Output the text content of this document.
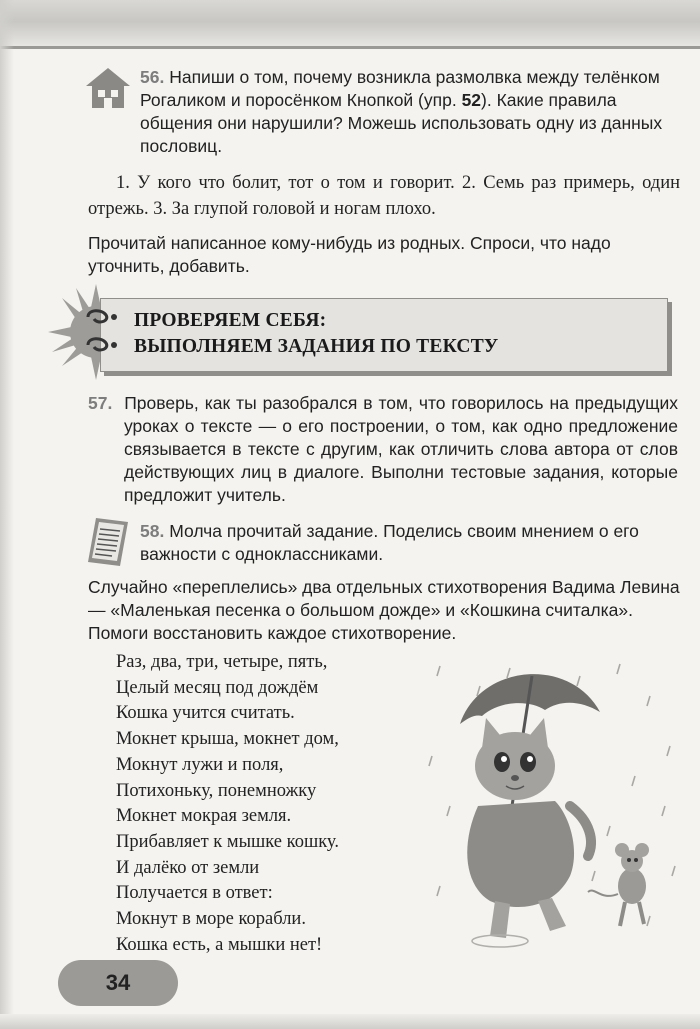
56. Напиши о том, почему возникла размолвка между телёнком Рогаликом и поросёнком Кнопкой (упр. 52). Какие правила общения они нарушили? Можешь использовать одну из данных пословиц.
1. У кого что болит, тот о том и говорит. 2. Семь раз примерь, один отрежь. 3. За глупой головой и ногам плохо.
Прочитай написанное кому-нибудь из родных. Спроси, что надо уточнить, добавить.
ПРОВЕРЯЕМ СЕБЯ:
ВЫПОЛНЯЕМ ЗАДАНИЯ ПО ТЕКСТУ
57. Проверь, как ты разобрался в том, что говорилось на предыдущих уроках о тексте — о его построении, о том, как одно предложение связывается в тексте с другим, как отличить слова автора от слов действующих лиц в диалоге. Выполни тестовые задания, которые предложит учитель.
58. Молча прочитай задание. Поделись своим мнением о его важности с одноклассниками.
Случайно «переплелись» два отдельных стихотворения Вадима Левина — «Маленькая песенка о большом дожде» и «Кошкина считалка». Помоги восстановить каждое стихотворение.
Раз, два, три, четыре, пять,
Целый месяц под дождём
Кошка учится считать.
Мокнет крыша, мокнет дом,
Мокнут лужи и поля,
Потихоньку, понемножку
Мокнет мокрая земля.
Прибавляет к мышке кошку.
И далёко от земли
Получается в ответ:
Мокнут в море корабли.
Кошка есть, а мышки нет!
34
